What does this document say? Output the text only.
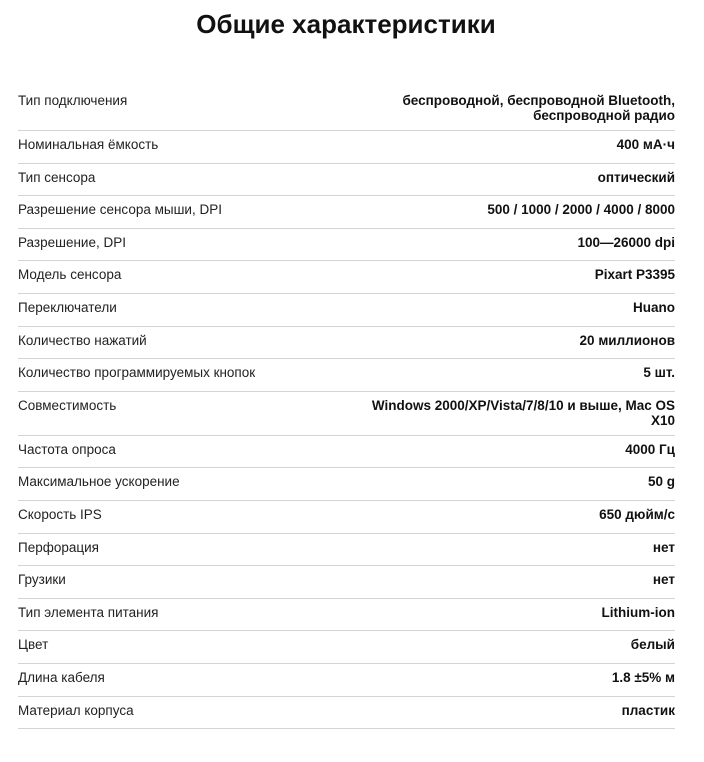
Общие характеристики
Тип подключения	беспроводной, беспроводной Bluetooth, беспроводной радио
Номинальная ёмкость	400 мА·ч
Тип сенсора	оптический
Разрешение сенсора мыши, DPI	500 / 1000 / 2000 / 4000 / 8000
Разрешение, DPI	100—26000 dpi
Модель сенсора	Pixart P3395
Переключатели	Huano
Количество нажатий	20 миллионов
Количество программируемых кнопок	5 шт.
Совместимость	Windows 2000/XP/Vista/7/8/10 и выше, Mac OS X10
Частота опроса	4000 Гц
Максимальное ускорение	50 g
Скорость IPS	650 дюйм/с
Перфорация	нет
Грузики	нет
Тип элемента питания	Lithium-ion
Цвет	белый
Длина кабеля	1.8 ±5% м
Материал корпуса	пластик
